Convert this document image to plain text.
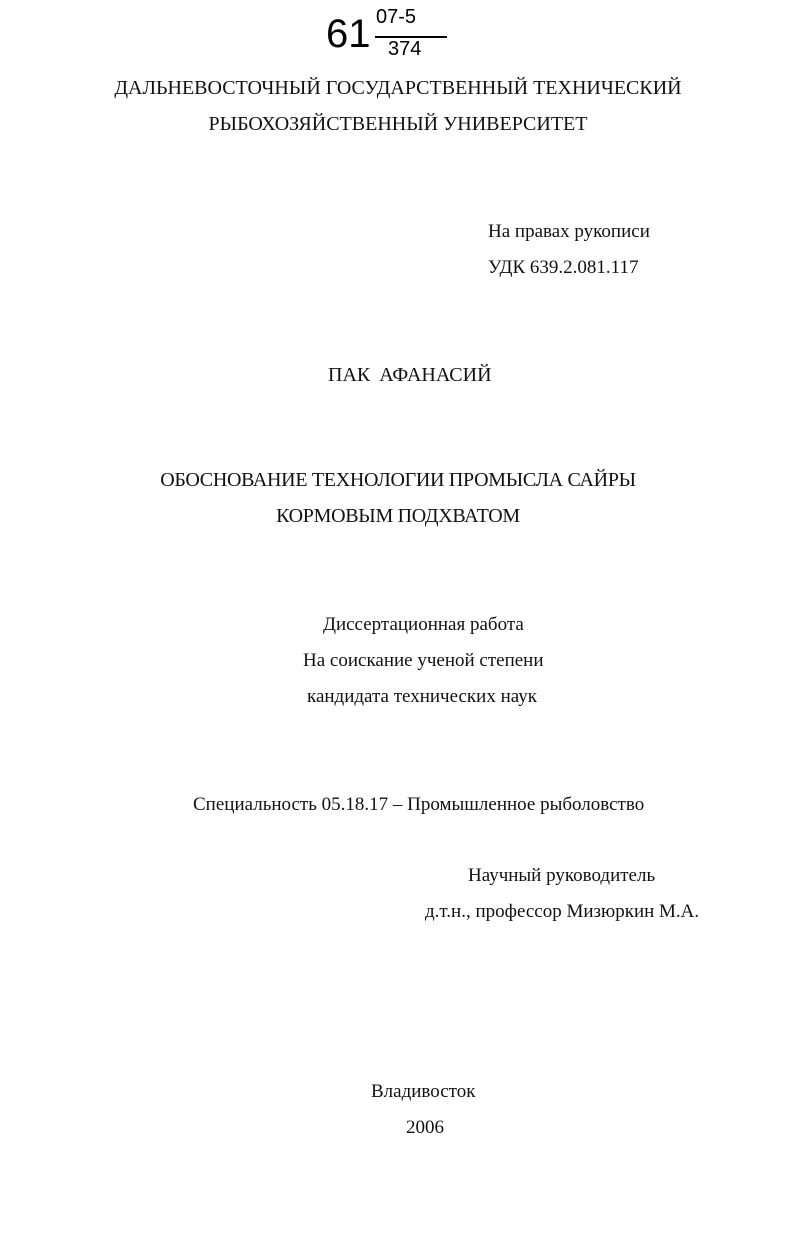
61 07-5
374
ДАЛЬНЕВОСТОЧНЫЙ ГОСУДАРСТВЕННЫЙ ТЕХНИЧЕСКИЙ
РЫБОХОЗЯЙСТВЕННЫЙ УНИВЕРСИТЕТ
На правах рукописи
УДК 639.2.081.117
ПАК АФАНАСИЙ
ОБОСНОВАНИЕ ТЕХНОЛОГИИ ПРОМЫСЛА САЙРЫ
КОРМОВЫМ ПОДХВАТОМ
Диссертационная работа
На соискание ученой степени
кандидата технических наук
Специальность 05.18.17 – Промышленное рыболовство
Научный руководитель
д.т.н., профессор Мизюркин М.А.
Владивосток
2006
